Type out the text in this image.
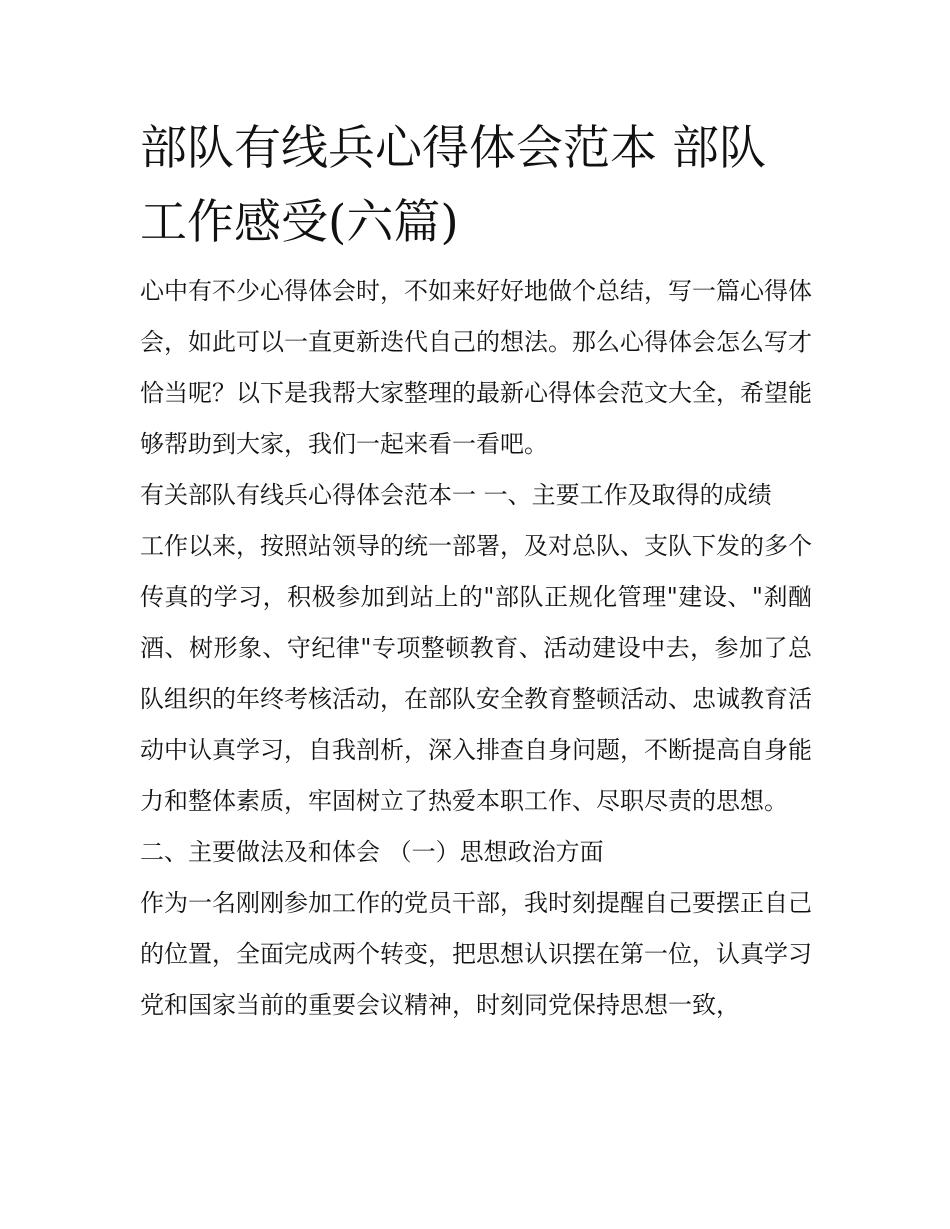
部队有线兵心得体会范本 部队工作感受(六篇)

心中有不少心得体会时，不如来好好地做个总结，写一篇心得体会，如此可以一直更新迭代自己的想法。那么心得体会怎么写才恰当呢？以下是我帮大家整理的最新心得体会范文大全，希望能够帮助到大家，我们一起来看一看吧。

有关部队有线兵心得体会范本一 一、主要工作及取得的成绩

工作以来，按照站领导的统一部署，及对总队、支队下发的多个传真的学习，积极参加到站上的"部队正规化管理"建设、"刹酗酒、树形象、守纪律"专项整顿教育、活动建设中去，参加了总队组织的年终考核活动，在部队安全教育整顿活动、忠诚教育活动中认真学习，自我剖析，深入排查自身问题，不断提高自身能力和整体素质，牢固树立了热爱本职工作、尽职尽责的思想。

二、主要做法及和体会 （一）思想政治方面

作为一名刚刚参加工作的党员干部，我时刻提醒自己要摆正自己的位置，全面完成两个转变，把思想认识摆在第一位，认真学习党和国家当前的重要会议精神，时刻同党保持思想一致，
